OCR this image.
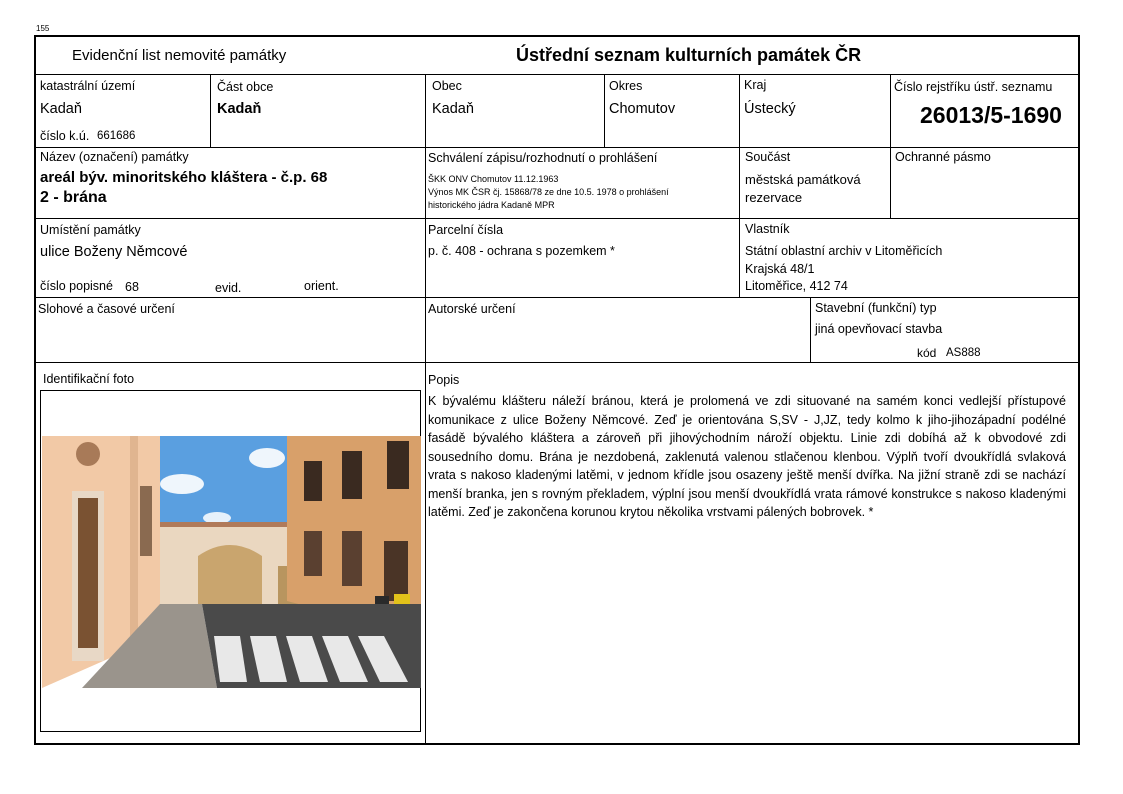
155
Evidenční list nemovité památky	Ústřední seznam kulturních památek ČR
katastrální území
Kadaň
číslo k.ú. 661686
Část obce
Kadaň
Obec
Kadaň
Okres
Chomutov
Kraj
Ústecký
Číslo rejstříku ústř. seznamu
26013/5-1690
Název (označení) památky
areál býv. minoritského kláštera - č.p. 68
2 - brána
Schválení zápisu/rozhodnutí o prohlášení
ŠKK ONV Chomutov 11.12.1963
Výnos MK ČSR čj. 15868/78 ze dne 10.5. 1978 o prohlášení
historického jádra Kadaně MPR
Součást
městská památková
rezervace
Ochranné pásmo
Umístění památky
ulice Boženy Němcové
číslo popisné 68	evid.	orient.
Parcelní čísla
p. č. 408 - ochrana s pozemkem *
Vlastník
Státní oblastní archiv v Litoměřicích
Krajská 48/1
Litoměřice, 412 74
Slohové a časové určení	Autorské určení	Stavební (funkční) typ
jiná opevňovací stavba
kód AS888
Identifikační foto	Popis
K bývalému klášteru náleží bránou, která je prolomená ve zdi situované na samém konci vedlejší přístupové komunikace z ulice Boženy Němcové. Zeď je orientována S,SV - J,JZ, tedy kolmo k jiho-jihozápadní podélné fasádě bývalého kláštera a zároveň při jihovýchodním nároží objektu. Linie zdi dobíhá až k obvodové zdi sousedního domu. Brána je nezdobená, zaklenutá valenou stlačenou klenbou. Výplň tvoří dvoukřídlá svlaková vrata s nakoso kladenými latěmi, v jednom křídle jsou osazeny ještě menší dvířka. Na jižní straně zdi se nachází menší branka, jen s rovným překladem, výplní jsou menší dvoukřídlá vrata rámové konstrukce s nakoso kladenými latěmi. Zeď je zakončena korunou krytou několika vrstvami pálených bobrovek. *
